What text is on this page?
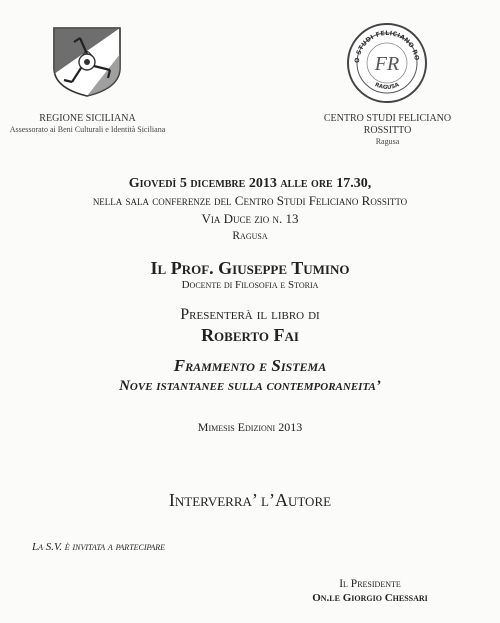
REGIONE SICILIANA
Assessorato ai Beni Culturali e Identità Siciliana
O STUDI FELICIANO RO
RAGUSA
FR
CENTRO STUDI FELICIANO ROSSITTO
Ragusa
Giovedì 5 dicembre 2013 alle ore 17.30,
nella sala conferenze del Centro Studi Feliciano Rossitto
Via Duce zio n. 13
Ragusa
Il Prof. Giuseppe Tumino
Docente di Filosofia e Storia
Presenterà il libro di
Roberto Fai
Frammento e Sistema
Nove istantanee sulla contemporaneita’
Mimesis Edizioni 2013
Interverra’ l’Autore
La S.V. è invitata a partecipare
Il Presidente
On.le Giorgio Chessari
